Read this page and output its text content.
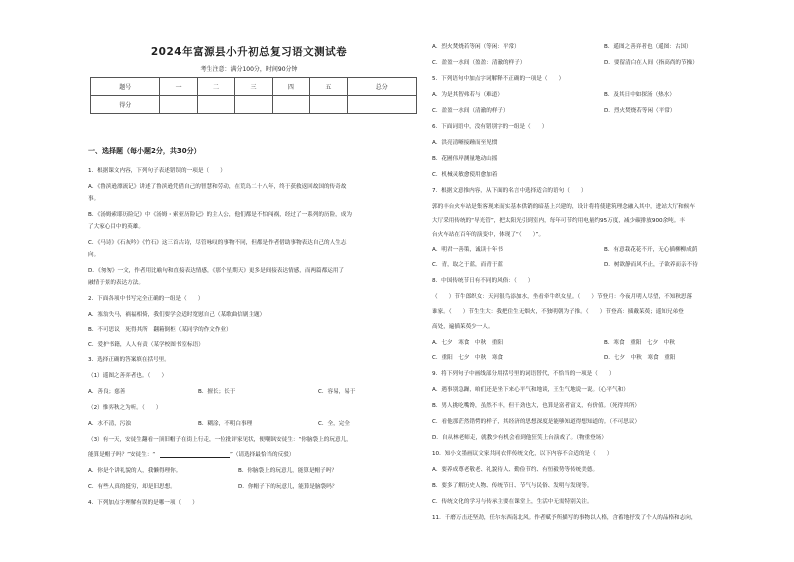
2024年富源县小升初总复习语文测试卷
考生注意：满分100分，时间90分钟
题号	一	二	三	四	五	总分
得分						
一、选择题（每小题2分，共30分）
1．根据课文内容，下列句子表述错误的一项是（　　）
A．《鲁滨逊漂流记》讲述了鲁滨逊凭借自己的智慧和劳动，在荒岛二十八年，终于获救返回故国的传奇故
事。
B．《汤姆索耶历险记》中《汤姆・索亚历险记》的主人公，他们都是不怕闯祸，经过了一系列的历险，成为
了大家心目中的英雄。
C．《马诗》《石灰吟》《竹石》这三首古诗，尽管咏叹的事物不同，但都是作者借助事物表达自己的人生志
向。
D．《匆匆》一文，作者用比喻句和直接表达情感，《那个星期天》更多是间接表达情感，而两篇都运用了
融情于景的表达方法。
2．下面各项中书写完全正确的一组是（　　）
A．塞翁失马，祸福相倚，我们要学会适时宽慰自己（某歌曲信剧主题）
B．不可思议　死得其所　翻箱倒柜（某同学的作文作业）
C．爱护书籍，人人有责（某学校图书室标语）
3．选择正确的答案填在括号里。
（1）遥图之善弈者也。（　　）
A．善良；慈善	B．擅长；长于	C．容易，易于
（2）惟弈秋之为听。（　　）
A．水不清，污浊	B．糊涂，不明白事理	C．全，完全
（3）有一天，安徒生翻看一顶旧帽子在街上行走，一位批评家见状，便嘲讽安徒生：“你脑袋上的玩意儿，
能算是帽子吗？”安徒生：“	”（请选择最恰当的反驳）
A．你是个讲礼貌的人，我懒得理你。	B．你脑袋上的玩意儿，能算是帽子吗？
C．有些人真的挺穷，却是旧思想。	D．你帽子下的玩意儿，能算是脑袋吗？
4．下列加点字理解有误的是哪一项（　　）
A．烈火焚烧若等闲（等闲：平常）	B．遥图之善弈者也（遥图：古国）
C．盈盈一水间（盈盈：清澈的样子）	D．要留清白在人间（指高尚的节操）
5．下列语句中加点字词解释不正确的一项是（　　）
A．为是其智弗若与（难道）	B．及其日中如探汤（热水）
C．盈盈一水间（清澈的样子）	D．烈火焚烧若等闲（平常）
6．下面词语中，没有错别字的一组是（　　）
A．洪亮清晰接踵而至见惯
B．花圃伟岸测量地动山摇
C．机械灵敏愈使用愈加着
7．根据文意推内容，从下面的名言中选择适合的语句（　　）
郭的丰台火车站是集客现来而实基本供销的暗基上兴建的，设计将将使建筑理念融入其中，进站大厅和候车
大厅采用传统的“导光管”，把太阳光引到室内，每年可节约用电量约95万度，减少碳排放900余吨。丰
台火车站在百年的演变中，体现了“（　　）”。
A．明君一善策，诚读十年书	B．有意栽花花不开，无心插柳柳成荫
C．青，取之于蓝，而青于蓝	D．树欲静而风不止，子欲养而亲不待
8．中国传统节日有不同的风俗：（　　）
（　　）节牛郎织女：天河很鸟添加水，坐看牵牛织女星。（　　）节登月：今夜月明人尽望，不知秋思落
谁家。（　　）节生生大：我把住生无烟火，不独明朝为子推。（　　）节登高：插戴茱萸；遥知兄弟登
高处，遍插茱萸少一人。
A．七夕　寒食　中秋　重阳	B．寒食　重阳　七夕　中秋
C．重阳　七夕　中秋　寒食	D．七夕　中秋　寒食　重阳
9．将下列句子中画线部分用括号里的词语替代，不恰当的一项是（　　）
A．遇事别急躁，咱们还是坐下来心平气和地谈，王生气地说一说。（心平气和）
B．男人挑吃嘴馋，虽然不丰，但干劲也大，也算是富者富义，有价值。（死得其所）
C．看他那茫然错愕的样子，其经济的思想深度是能够知道得想知道的。（不可思议）
D．自从林老师走，就教少有机会看到他狂笑上台演戏了。（物重登场）
10．知小文墨画议文家共同衣伴传统文化，以下内容不合适的是（　　）
A．要养成尊老敬老、礼貌待人、勤俭节约、有恒毅势等传统美德。
B．要多了解历史人物、传统节日、节气与民俗、发明与发现等。
C．传统文化的学习与传承主要在课堂上，生活中无需特别关注。
11．千磨万击还坚劲，任尔东西南北风。作者赋予所描写的事物以人格，含蓄地抒发了个人的品格和志向，
